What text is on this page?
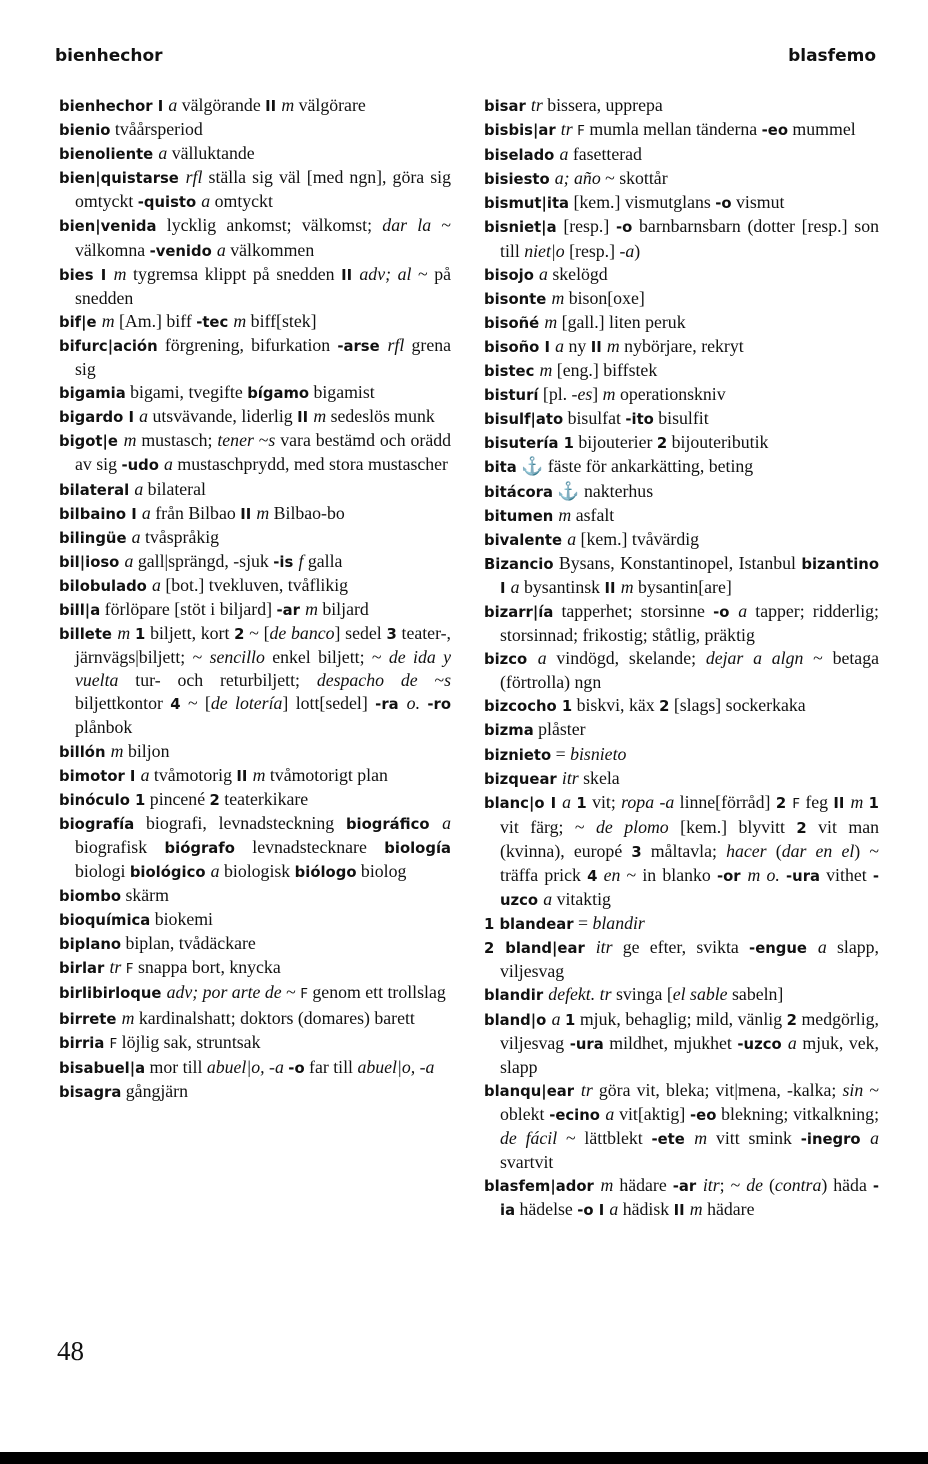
bienhechor	blasfemo

bienhechor I a välgörande II m välgörare

bienio tvåårsperiod

bienoliente a välluktande

bien|quistarse rfl ställa sig väl [med ngn], göra sig omtyckt -quisto a omtyckt

bien|venida lycklig ankomst; välkomst; dar la ~ välkomna -venido a välkommen

bies I m tygremsa klippt på snedden II adv; al ~ på snedden

bif|e m [Am.] biff -tec m biff[stek]

bifurc|ación förgrening, bifurkation -arse rfl grena sig

bigamia bigami, tvegifte bígamo bigamist

bigardo I a utsvävande, liderlig II m sedeslös munk

bigot|e m mustasch; tener ~s vara bestämd och orädd av sig -udo a mustaschprydd, med stora mustascher

bilateral a bilateral

bilbaino I a från Bilbao II m Bilbao-bo

bilingüe a tvåspråkig

bil|ioso a gall|sprängd, -sjuk -is f galla

bilobulado a [bot.] tvekluven, tvåflikig

bill|a förlöpare [stöt i biljard] -ar m biljard

billete m 1 biljett, kort 2 ~ [de banco] sedel 3 teater-, järnvägs|biljett; ~ sencillo enkel biljett; ~ de ida y vuelta tur- och returbiljett; despacho de ~s biljettkontor 4 ~ [de lotería] lott[sedel] -ra o. -ro plånbok

billón m biljon

bimotor I a tvåmotorig II m tvåmotorigt plan

binóculo 1 pincené 2 teaterkikare

biografía biografi, levnadsteckning biográfico a biografisk biógrafo levnadstecknare biología biologi biológico a biologisk biólogo biolog

biombo skärm

bioquímica biokemi

biplano biplan, tvådäckare

birlar tr F snappa bort, knycka

birlibirloque adv; por arte de ~ F genom ett trollslag

birrete m kardinalshatt; doktors (domares) barett

birria F löjlig sak, struntsak

bisabuel|a mor till abuel|o, -a -o far till abuel|o, -a

bisagra gångjärn

bisar tr bissera, upprepa

bisbis|ar tr F mumla mellan tänderna -eo mummel

biselado a fasetterad

bisiesto a; año ~ skottår

bismut|ita [kem.] vismutglans -o vismut

bisniet|a [resp.] -o barnbarnsbarn (dotter [resp.] son till niet|o [resp.] -a)

bisojo a skelögd

bisonte m bison[oxe]

bisoñé m [gall.] liten peruk

bisoño I a ny II m nybörjare, rekryt

bistec m [eng.] biffstek

bisturí [pl. -es] m operationskniv

bisulf|ato bisulfat -ito bisulfit

bisutería 1 bijouterier 2 bijouteributik

bita ⚓ fäste för ankarkätting, beting

bitácora ⚓ nakterhus

bitumen m asfalt

bivalente a [kem.] tvåvärdig

Bizancio Bysans, Konstantinopel, Istanbul bizantino I a bysantinsk II m bysantin[are]

bizarr|ía tapperhet; storsinne -o a tapper; ridderlig; storsinnad; frikostig; ståtlig, präktig

bizco a vindögd, skelande; dejar a algn ~ betaga (förtrolla) ngn

bizcocho 1 biskvi, käx 2 [slags] sockerkaka

bizma plåster

biznieto = bisnieto

bizquear itr skela

blanc|o I a 1 vit; ropa -a linne[förråd] 2 F feg II m 1 vit färg; ~ de plomo [kem.] blyvitt 2 vit man (kvinna), europé 3 måltavla; hacer (dar en el) ~ träffa prick 4 en ~ in blanko -or m o. -ura vithet -uzco a vitaktig

1 blandear = blandir

2 bland|ear itr ge efter, svikta -engue a slapp, viljesvag

blandir defekt. tr svinga [el sable sabeln]

bland|o a 1 mjuk, behaglig; mild, vänlig 2 medgörlig, viljesvag -ura mildhet, mjukhet -uzco a mjuk, vek, slapp

blanqu|ear tr göra vit, bleka; vit|mena, -kalka; sin ~ oblekt -ecino a vit[aktig] -eo blekning; vitkalkning; de fácil ~ lättblekt -ete m vitt smink -inegro a svartvit

blasfem|ador m hädare -ar itr; ~ de (contra) häda -ia hädelse -o I a hädisk II m hädare

48
